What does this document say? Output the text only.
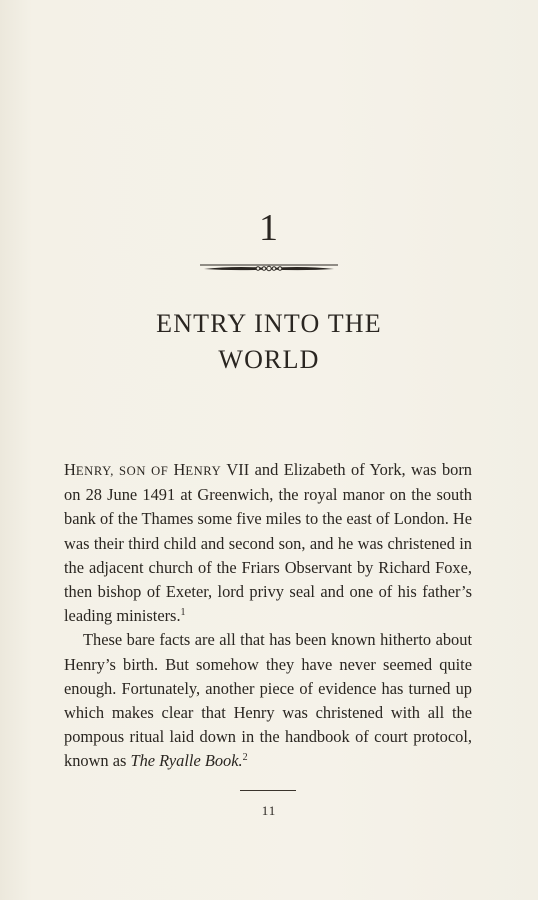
1
ENTRY INTO THE
WORLD

HENRY, SON OF HENRY VII and Elizabeth of York, was born on 28 June 1491 at Greenwich, the royal manor on the south bank of the Thames some five miles to the east of London. He was their third child and second son, and he was christened in the adjacent church of the Friars Observant by Richard Foxe, then bishop of Exeter, lord privy seal and one of his father’s leading ministers.$^1$

These bare facts are all that has been known hitherto about Henry’s birth. But somehow they have never seemed quite enough. Fortunately, another piece of evidence has turned up which makes clear that Henry was christened with all the pompous ritual laid down in the handbook of court protocol, known as The Ryalle Book.$^2$

11
